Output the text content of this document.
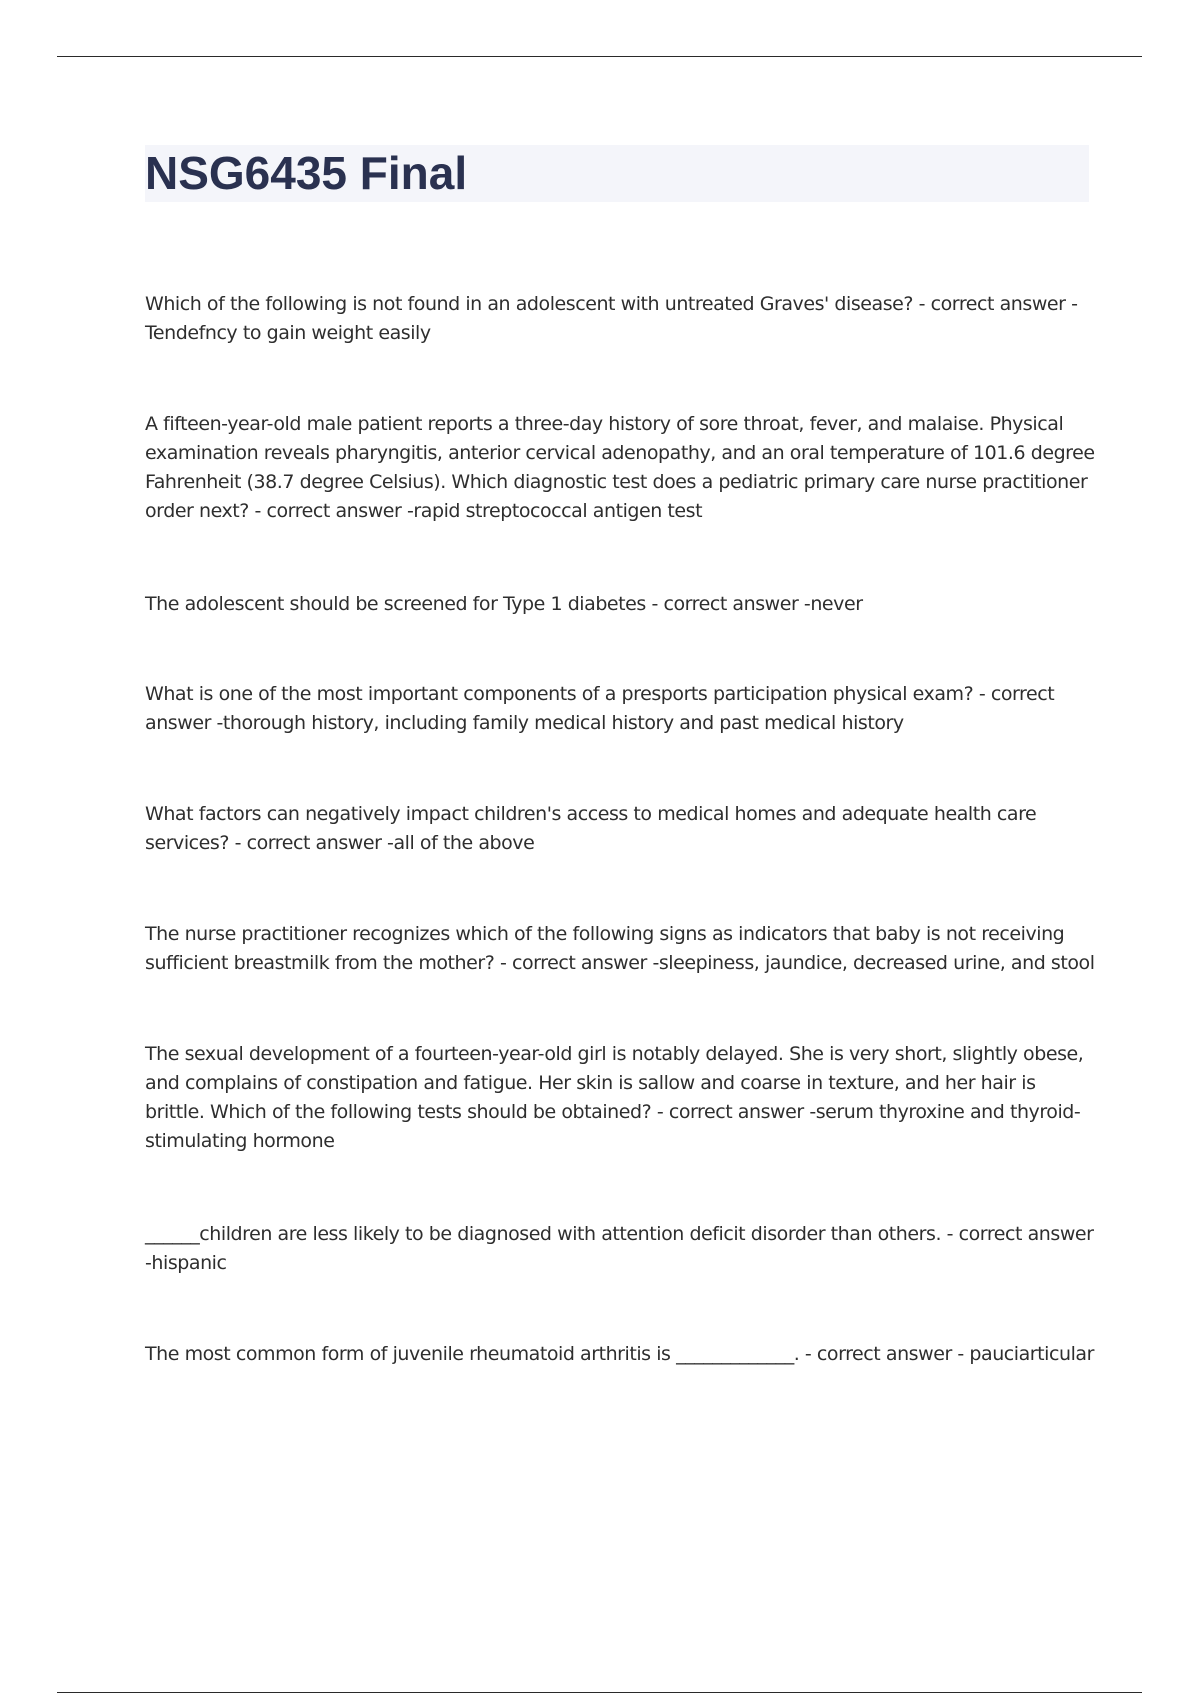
NSG6435 Final

Which of the following is not found in an adolescent with untreated Graves' disease? - correct answer - Tendefncy to gain weight easily

A fifteen-year-old male patient reports a three-day history of sore throat, fever, and malaise. Physical examination reveals pharyngitis, anterior cervical adenopathy, and an oral temperature of 101.6 degree Fahrenheit (38.7 degree Celsius). Which diagnostic test does a pediatric primary care nurse practitioner order next? - correct answer -rapid streptococcal antigen test

The adolescent should be screened for Type 1 diabetes - correct answer -never

What is one of the most important components of a presports participation physical exam? - correct answer -thorough history, including family medical history and past medical history

What factors can negatively impact children's access to medical homes and adequate health care services? - correct answer -all of the above

The nurse practitioner recognizes which of the following signs as indicators that baby is not receiving sufficient breastmilk from the mother? - correct answer -sleepiness, jaundice, decreased urine, and stool

The sexual development of a fourteen-year-old girl is notably delayed. She is very short, slightly obese, and complains of constipation and fatigue. Her skin is sallow and coarse in texture, and her hair is brittle. Which of the following tests should be obtained? - correct answer -serum thyroxine and thyroid-stimulating hormone

______children are less likely to be diagnosed with attention deficit disorder than others. - correct answer -hispanic

The most common form of juvenile rheumatoid arthritis is _____________. - correct answer - pauciarticular
